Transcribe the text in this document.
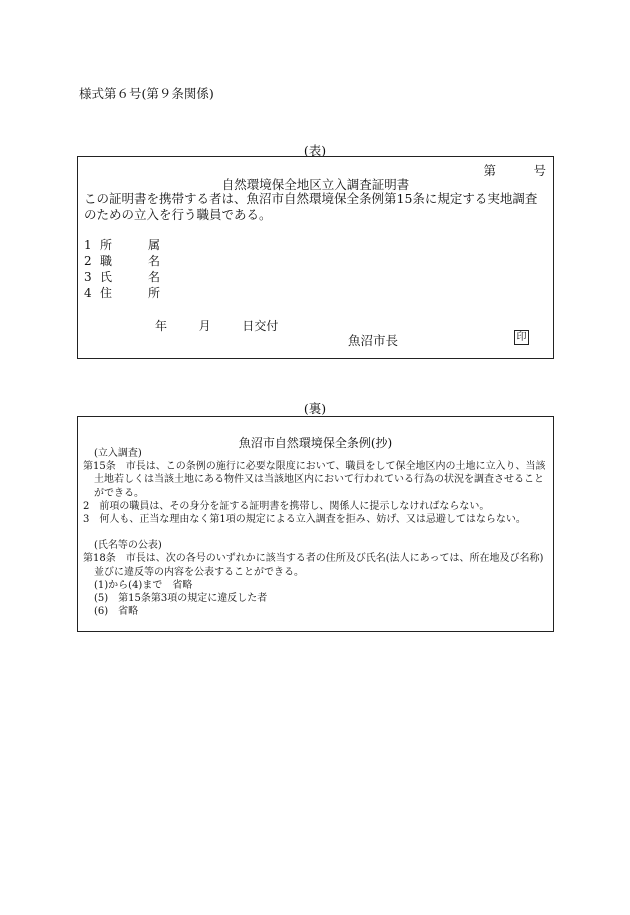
様式第６号(第９条関係)
(表)
第	号
自然環境保全地区立入調査証明書
この証明書を携帯する者は、魚沼市自然環境保全条例第15条に規定する実地調査のための立入を行う職員である。
1 所	属
2 職	名
3 氏	名
4 住	所
年	月	日交付
魚沼市長	印
(裏)
魚沼市自然環境保全条例(抄)
(立入調査)
第15条　市長は、この条例の施行に必要な限度において、職員をして保全地区内の土地に立入り、当該土地若しくは当該土地にある物件又は当該地区内において行われている行為の状況を調査させることができる。
2　前項の職員は、その身分を証する証明書を携帯し、関係人に提示しなければならない。
3　何人も、正当な理由なく第1項の規定による立入調査を拒み、妨げ、又は忌避してはならない。
(氏名等の公表)
第18条　市長は、次の各号のいずれかに該当する者の住所及び氏名(法人にあっては、所在地及び名称)並びに違反等の内容を公表することができる。
(1)から(4)まで　省略
(5)　第15条第3項の規定に違反した者
(6)　省略
